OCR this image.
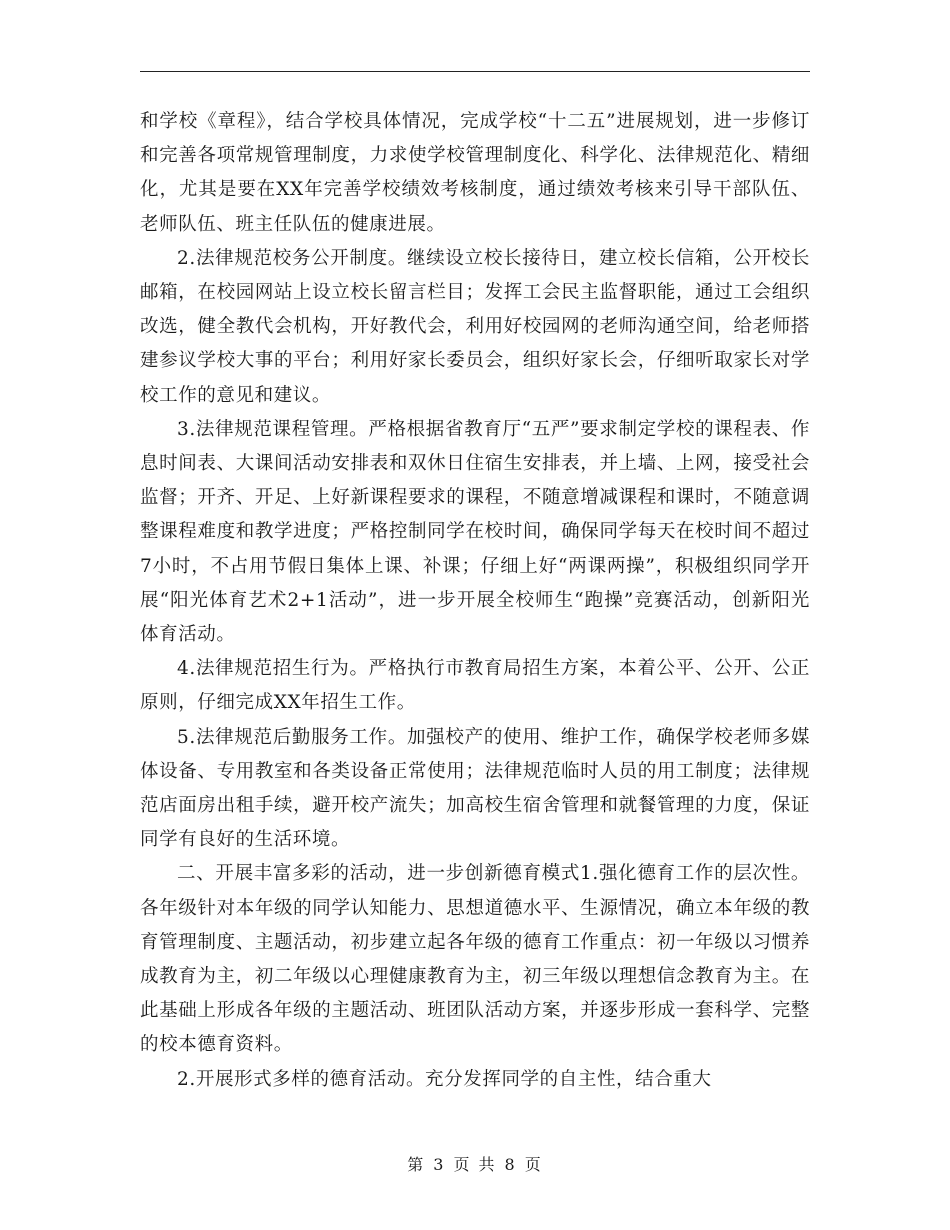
和学校《章程》，结合学校具体情况，完成学校“十二五”进展规划，进一步修订和完善各项常规管理制度，力求使学校管理制度化、科学化、法律规范化、精细化，尤其是要在XX年完善学校绩效考核制度，通过绩效考核来引导干部队伍、老师队伍、班主任队伍的健康进展。

2.法律规范校务公开制度。继续设立校长接待日，建立校长信箱，公开校长邮箱，在校园网站上设立校长留言栏目；发挥工会民主监督职能，通过工会组织改选，健全教代会机构，开好教代会，利用好校园网的老师沟通空间，给老师搭建参议学校大事的平台；利用好家长委员会，组织好家长会，仔细听取家长对学校工作的意见和建议。

3.法律规范课程管理。严格根据省教育厅“五严”要求制定学校的课程表、作息时间表、大课间活动安排表和双休日住宿生安排表，并上墙、上网，接受社会监督；开齐、开足、上好新课程要求的课程，不随意增减课程和课时，不随意调整课程难度和教学进度；严格控制同学在校时间，确保同学每天在校时间不超过7小时，不占用节假日集体上课、补课；仔细上好“两课两操”，积极组织同学开展“阳光体育艺术2+1活动”，进一步开展全校师生“跑操”竞赛活动，创新阳光体育活动。

4.法律规范招生行为。严格执行市教育局招生方案，本着公平、公开、公正原则，仔细完成XX年招生工作。

5.法律规范后勤服务工作。加强校产的使用、维护工作，确保学校老师多媒体设备、专用教室和各类设备正常使用；法律规范临时人员的用工制度；法律规范店面房出租手续，避开校产流失；加高校生宿舍管理和就餐管理的力度，保证同学有良好的生活环境。

二、开展丰富多彩的活动，进一步创新德育模式1.强化德育工作的层次性。各年级针对本年级的同学认知能力、思想道德水平、生源情况，确立本年级的教育管理制度、主题活动，初步建立起各年级的德育工作重点：初一年级以习惯养成教育为主，初二年级以心理健康教育为主，初三年级以理想信念教育为主。在此基础上形成各年级的主题活动、班团队活动方案，并逐步形成一套科学、完整的校本德育资料。

2.开展形式多样的德育活动。充分发挥同学的自主性，结合重大

第 3 页 共 8 页
